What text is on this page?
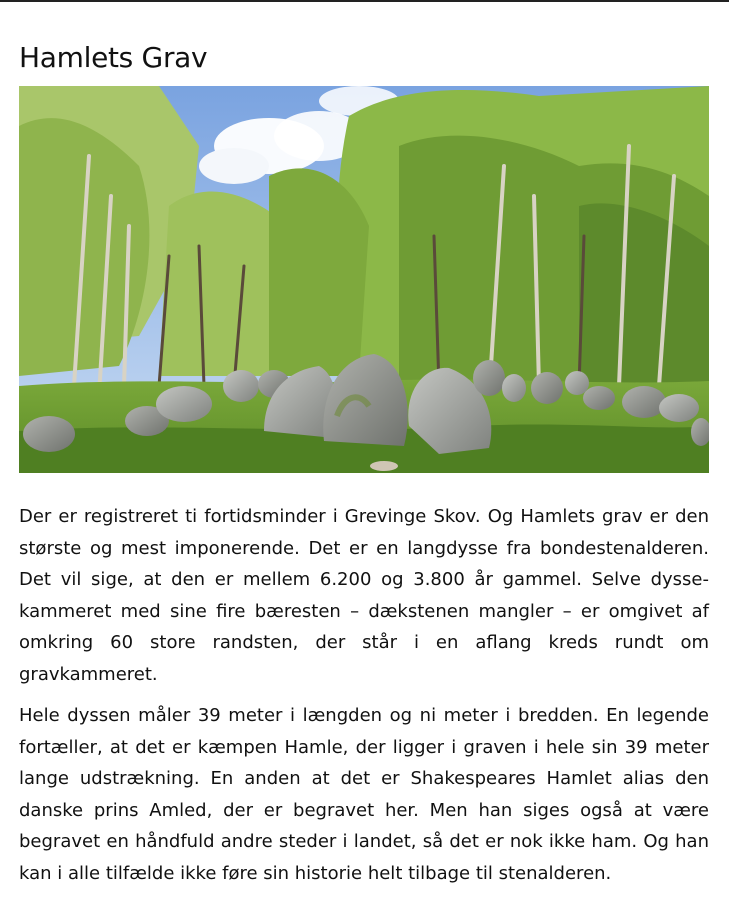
Hamlets Grav

Der er registreret ti fortidsminder i Grevinge Skov. Og Hamlets grav er den største og mest imponerende. Det er en langdysse fra bondestenalderen. Det vil sige, at den er mellem 6.200 og 3.800 år gammel. Selve dysse-kammeret med sine fire bæresten – dækstenen mangler – er omgivet af omkring 60 store randsten, der står i en aflang kreds rundt om gravkammeret.

Hele dyssen måler 39 meter i længden og ni meter i bredden. En legende fortæller, at det er kæmpen Hamle, der ligger i graven i hele sin 39 meter lange udstrækning. En anden at det er Shakespeares Hamlet alias den danske prins Amled, der er begravet her. Men han siges også at være begravet en håndfuld andre steder i landet, så det er nok ikke ham. Og han kan i alle tilfælde ikke føre sin historie helt tilbage til stenalderen.
